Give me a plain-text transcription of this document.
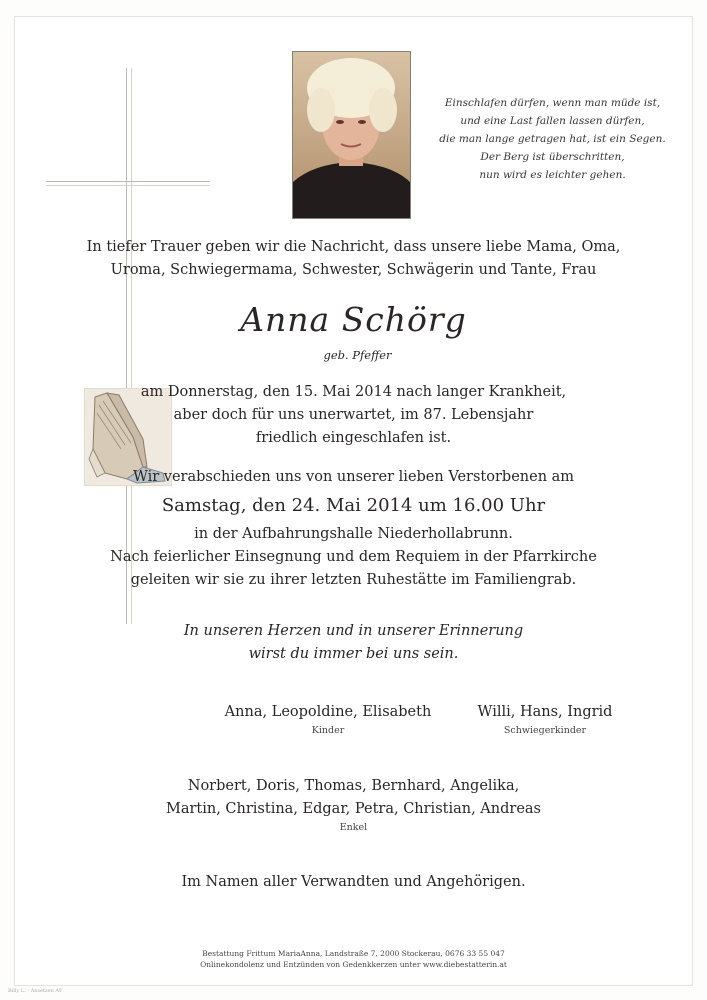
Einschlafen dürfen, wenn man müde ist,
und eine Last fallen lassen dürfen,
die man lange getragen hat, ist ein Segen.
Der Berg ist überschritten,
nun wird es leichter gehen.
In tiefer Trauer geben wir die Nachricht, dass unsere liebe Mama, Oma,
Uroma, Schwiegermama, Schwester, Schwägerin und Tante, Frau
Anna Schörg
geb. Pfeffer
am Donnerstag, den 15. Mai 2014 nach langer Krankheit,
aber doch für uns unerwartet, im 87. Lebensjahr
friedlich eingeschlafen ist.
Wir verabschieden uns von unserer lieben Verstorbenen am
Samstag, den 24. Mai 2014 um 16.00 Uhr
in der Aufbahrungshalle Niederhollabrunn.
Nach feierlicher Einsegnung und dem Requiem in der Pfarrkirche
geleiten wir sie zu ihrer letzten Ruhestätte im Familiengrab.
In unseren Herzen und in unserer Erinnerung
wirst du immer bei uns sein.
Anna, Leopoldine, Elisabeth
Kinder
Willi, Hans, Ingrid
Schwiegerkinder
Norbert, Doris, Thomas, Bernhard, Angelika,
Martin, Christina, Edgar, Petra, Christian, Andreas
Enkel
Im Namen aller Verwandten und Angehörigen.
Bestattung Frittum MariaAnna, Landstraße 7, 2000 Stockerau, 0676 33 55 047
Onlinekondolenz und Entzünden von Gedenkkerzen unter www.diebestatterin.at
Billy L. - Ansetzen AF
